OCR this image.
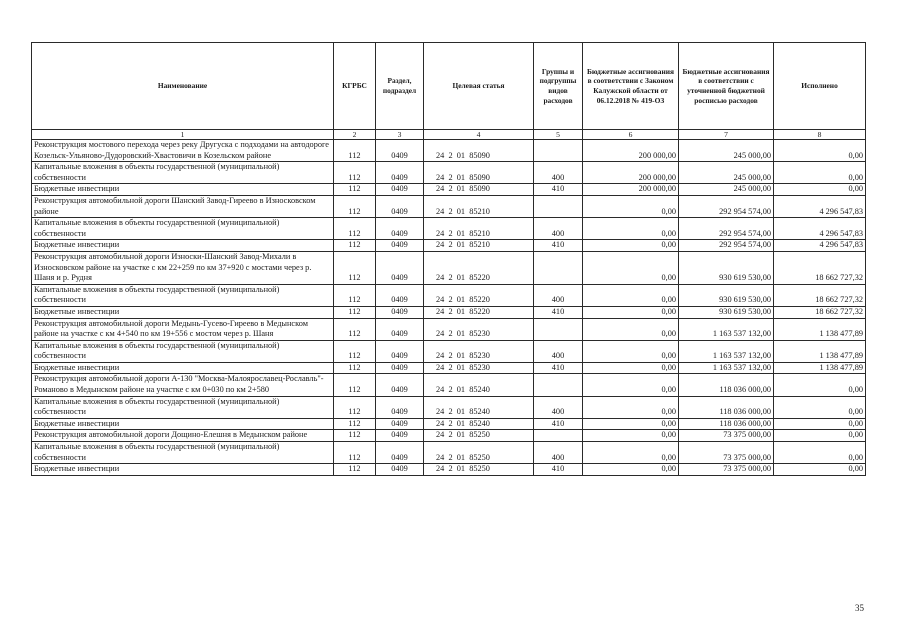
Наименование	КГРБС	Раздел, подраздел	Целевая статья	Группы и подгруппы видов расходов	Бюджетные ассигнования в соответствии с Законом Калужской области от 06.12.2018 № 419-ОЗ	Бюджетные ассигнования в соответствии с уточненной бюджетной росписью расходов	Исполнено
1	2	3	4	5	6	7	8
Реконструкция мостового перехода через реку Другуска с подходами на автодороге Козельск-Ульяново-Дудоровский-Хвастовичи в Козельском районе	112	0409	24  2  01  85090		200 000,00	245 000,00	0,00
Капитальные вложения в объекты государственной (муниципальной) собственности	112	0409	24  2  01  85090	400	200 000,00	245 000,00	0,00
Бюджетные инвестиции	112	0409	24  2  01  85090	410	200 000,00	245 000,00	0,00
Реконструкция автомобильной дороги Шанский Завод-Гиреево в Износковском районе	112	0409	24  2  01  85210		0,00	292 954 574,00	4 296 547,83
Капитальные вложения в объекты государственной (муниципальной) собственности	112	0409	24  2  01  85210	400	0,00	292 954 574,00	4 296 547,83
Бюджетные инвестиции	112	0409	24  2  01  85210	410	0,00	292 954 574,00	4 296 547,83
Реконструкция автомобильной дороги Износки-Шанский Завод-Михали в Износковском районе на участке с км 22+259 по км 37+920 с мостами через р. Шаня и р. Рудня	112	0409	24  2  01  85220		0,00	930 619 530,00	18 662 727,32
Капитальные вложения в объекты государственной (муниципальной) собственности	112	0409	24  2  01  85220	400	0,00	930 619 530,00	18 662 727,32
Бюджетные инвестиции	112	0409	24  2  01  85220	410	0,00	930 619 530,00	18 662 727,32
Реконструкция автомобильной дороги Медынь-Гусево-Гиреево в Медынском районе на участке с км 4+540 по км 19+556 с мостом через р. Шаня	112	0409	24  2  01  85230		0,00	1 163 537 132,00	1 138 477,89
Капитальные вложения в объекты государственной (муниципальной) собственности	112	0409	24  2  01  85230	400	0,00	1 163 537 132,00	1 138 477,89
Бюджетные инвестиции	112	0409	24  2  01  85230	410	0,00	1 163 537 132,00	1 138 477,89
Реконструкция автомобильной дороги А-130 "Москва-Малоярославец-Рославль"-Романово в Медынском районе на участке с км 0+030 по км 2+580	112	0409	24  2  01  85240		0,00	118 036 000,00	0,00
Капитальные вложения в объекты государственной (муниципальной) собственности	112	0409	24  2  01  85240	400	0,00	118 036 000,00	0,00
Бюджетные инвестиции	112	0409	24  2  01  85240	410	0,00	118 036 000,00	0,00
Реконструкция автомобильной дороги Дощино-Елешня в Медынском районе	112	0409	24  2  01  85250		0,00	73 375 000,00	0,00
Капитальные вложения в объекты государственной (муниципальной) собственности	112	0409	24  2  01  85250	400	0,00	73 375 000,00	0,00
Бюджетные инвестиции	112	0409	24  2  01  85250	410	0,00	73 375 000,00	0,00
35
